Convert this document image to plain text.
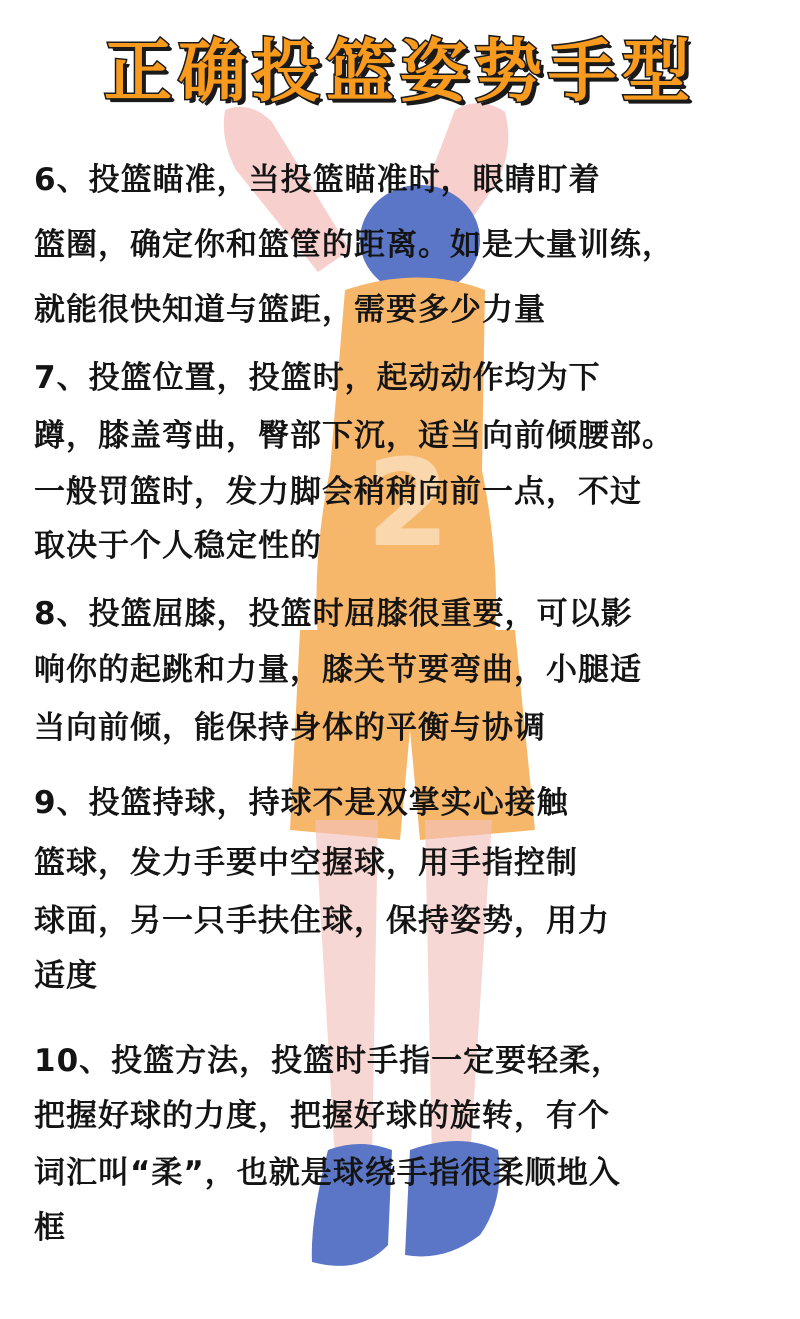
2
正确投篮姿势手型

6、投篮瞄准，当投篮瞄准时，眼睛盯着

篮圈，确定你和篮筐的距离。如是大量训练，

就能很快知道与篮距，需要多少力量

7、投篮位置，投篮时，起动动作均为下

蹲，膝盖弯曲，臀部下沉，适当向前倾腰部。

一般罚篮时，发力脚会稍稍向前一点，不过

取决于个人稳定性的

8、投篮屈膝，投篮时屈膝很重要，可以影

响你的起跳和力量，膝关节要弯曲，小腿适

当向前倾，能保持身体的平衡与协调

9、投篮持球，持球不是双掌实心接触

篮球，发力手要中空握球，用手指控制

球面，另一只手扶住球，保持姿势，用力

适度

10、投篮方法，投篮时手指一定要轻柔，

把握好球的力度，把握好球的旋转，有个

词汇叫“柔”，也就是球绕手指很柔顺地入

框
